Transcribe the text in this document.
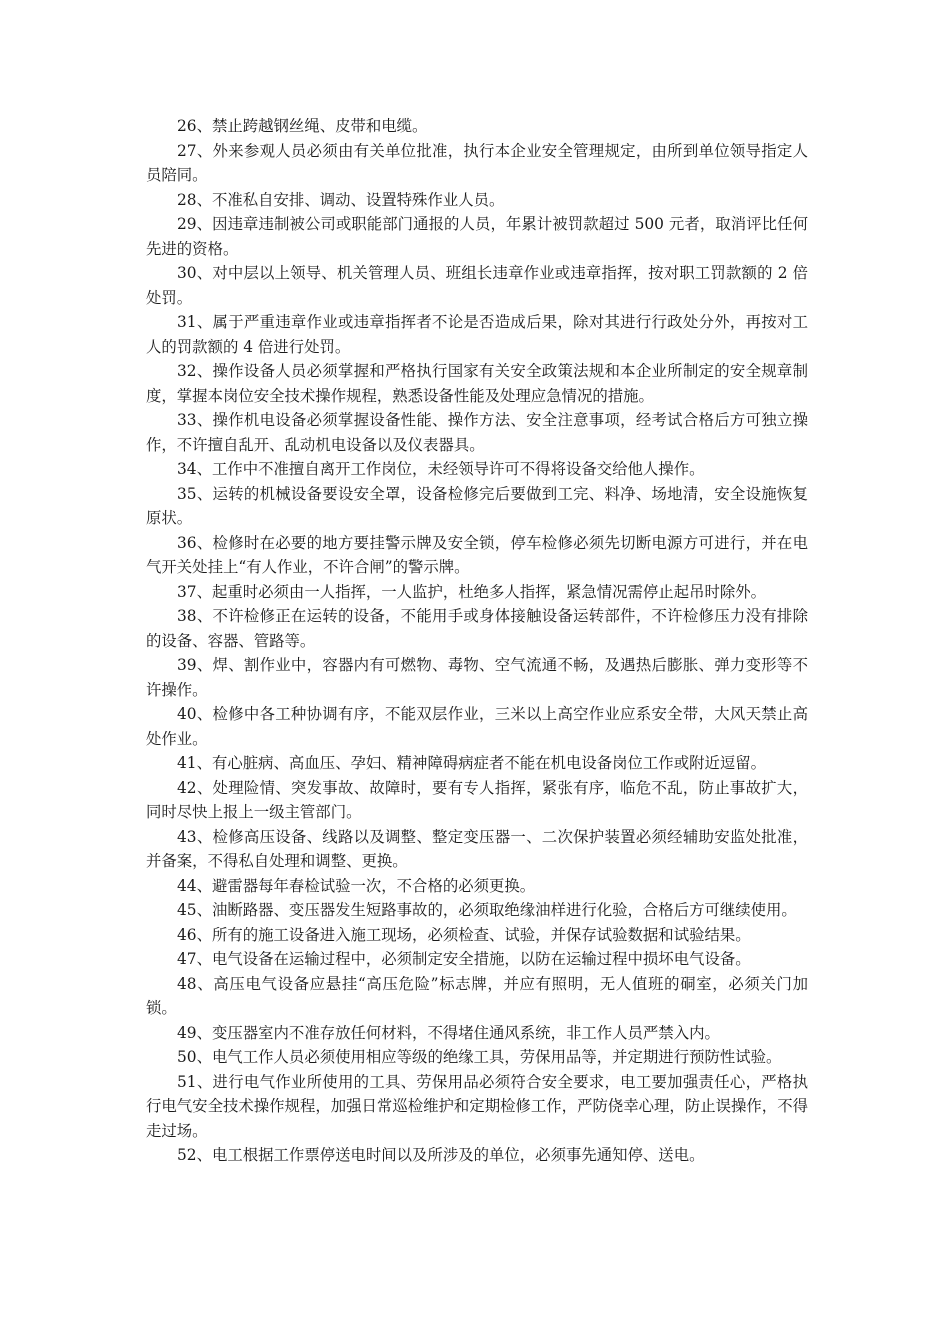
26、禁止跨越钢丝绳、皮带和电缆。

27、外来参观人员必须由有关单位批准，执行本企业安全管理规定，由所到单位领导指定人员陪同。

28、不准私自安排、调动、设置特殊作业人员。

29、因违章违制被公司或职能部门通报的人员，年累计被罚款超过 500 元者，取消评比任何先进的资格。

30、对中层以上领导、机关管理人员、班组长违章作业或违章指挥，按对职工罚款额的 2 倍处罚。

31、属于严重违章作业或违章指挥者不论是否造成后果，除对其进行行政处分外，再按对工人的罚款额的 4 倍进行处罚。

32、操作设备人员必须掌握和严格执行国家有关安全政策法规和本企业所制定的安全规章制度，掌握本岗位安全技术操作规程，熟悉设备性能及处理应急情况的措施。

33、操作机电设备必须掌握设备性能、操作方法、安全注意事项，经考试合格后方可独立操作，不许擅自乱开、乱动机电设备以及仪表器具。

34、工作中不准擅自离开工作岗位，未经领导许可不得将设备交给他人操作。

35、运转的机械设备要设安全罩，设备检修完后要做到工完、料净、场地清，安全设施恢复原状。

36、检修时在必要的地方要挂警示牌及安全锁，停车检修必须先切断电源方可进行，并在电气开关处挂上“有人作业，不许合闸”的警示牌。

37、起重时必须由一人指挥，一人监护，杜绝多人指挥，紧急情况需停止起吊时除外。

38、不许检修正在运转的设备，不能用手或身体接触设备运转部件，不许检修压力没有排除的设备、容器、管路等。

39、焊、割作业中，容器内有可燃物、毒物、空气流通不畅，及遇热后膨胀、弹力变形等不许操作。

40、检修中各工种协调有序，不能双层作业，三米以上高空作业应系安全带，大风天禁止高处作业。

41、有心脏病、高血压、孕妇、精神障碍病症者不能在机电设备岗位工作或附近逗留。

42、处理险情、突发事故、故障时，要有专人指挥，紧张有序，临危不乱，防止事故扩大，同时尽快上报上一级主管部门。

43、检修高压设备、线路以及调整、整定变压器一、二次保护装置必须经辅助安监处批准，并备案，不得私自处理和调整、更换。

44、避雷器每年春检试验一次，不合格的必须更换。

45、油断路器、变压器发生短路事故的，必须取绝缘油样进行化验，合格后方可继续使用。

46、所有的施工设备进入施工现场，必须检查、试验，并保存试验数据和试验结果。

47、电气设备在运输过程中，必须制定安全措施，以防在运输过程中损坏电气设备。

48、高压电气设备应悬挂“高压危险”标志牌，并应有照明，无人值班的硐室，必须关门加锁。

49、变压器室内不准存放任何材料，不得堵住通风系统，非工作人员严禁入内。

50、电气工作人员必须使用相应等级的绝缘工具，劳保用品等，并定期进行预防性试验。

51、进行电气作业所使用的工具、劳保用品必须符合安全要求，电工要加强责任心，严格执行电气安全技术操作规程，加强日常巡检维护和定期检修工作，严防侥幸心理，防止误操作，不得走过场。

52、电工根据工作票停送电时间以及所涉及的单位，必须事先通知停、送电。
